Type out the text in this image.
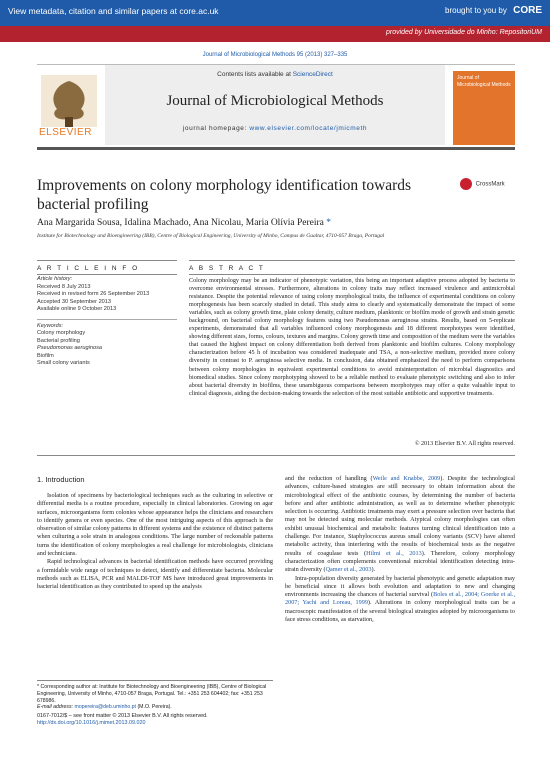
View metadata, citation and similar papers at core.ac.uk	brought to you by CORE
provided by Universidade do Minho: RepositoriUM
Journal of Microbiological Methods 95 (2013) 327–335
ELSEVIER
Contents lists available at ScienceDirect
Journal of Microbiological Methods
journal homepage: www.elsevier.com/locate/jmicmeth
Journal of Microbiological Methods
Improvements on colony morphology identification towards bacterial profiling
CrossMark
Ana Margarida Sousa, Idalina Machado, Ana Nicolau, Maria Olívia Pereira *
Institute for Biotechnology and Bioengineering (IBB), Centre of Biological Engineering, University of Minho, Campus de Gualtar, 4710-057 Braga, Portugal
A R T I C L E I N F O	A B S T R A C T
Article history:
Received 8 July 2013
Received in revised form 26 September 2013
Accepted 30 September 2013
Available online 9 October 2013
Keywords:
Colony morphology
Bacterial profiling
Pseudomonas aeruginosa
Biofilm
Small colony variants
Colony morphology may be an indicator of phenotypic variation, this being an important adaptive process adopted by bacteria to overcome environmental stresses. Furthermore, alterations in colony traits may reflect increased virulence and antimicrobial resistance. Despite the potential relevance of using colony morphological traits, the influence of experimental conditions on colony morphogenesis has been scarcely studied in detail. This study aims to clearly and systematically demonstrate the impact of some variables, such as colony growth time, plate colony density, culture medium, planktonic or biofilm mode of growth and strain genetic background, on bacterial colony morphology features using two Pseudomonas aeruginosa strains. Results, based on 5-replicate experiments, demonstrated that all variables influenced colony morphogenesis and 18 different morphotypes were identified, showing different sizes, forms, colours, textures and margins. Colony growth time and composition of the medium were the variables that caused the highest impact on colony differentiation both derived from planktonic and biofilm cultures. Colony morphology characterization before 45 h of incubation was considered inadequate and TSA, a non-selective medium, provided more colony diversity in contrast to P. aeruginosa selective media. In conclusion, data obtained emphasized the need to perform comparisons between colony morphologies in equivalent experimental conditions to avoid misinterpretation of microbial diagnostics and biomedical studies. Since colony morphotyping showed to be a reliable method to evaluate phenotypic switching and also to infer about bacterial diversity in biofilms, these unambiguous comparisons between morphotypes may offer a quite valuable input to clinical diagnosis, aiding the decision-making towards the selection of the most suitable antibiotic and supportive treatments.
© 2013 Elsevier B.V. All rights reserved.
1. Introduction

Isolation of specimens by bacteriological techniques such as the culturing in selective or differential media is a routine procedure, especially in clinical laboratories. Growing on agar surfaces, microorganisms form colonies whose appearance helps the clinicians and researchers to identify genera or even species. One of the most intriguing aspects of this approach is the observation of similar colony patterns in different systems and the existence of distinct patterns when culturing a sole strain in analogous conditions. The large number of reckonable patterns turns the identification of colony morphologies a real challenge for microbiologists, clinicians and technicians.

Rapid technological advances in bacterial identification methods have occurred providing a formidable wide range of techniques to detect, identify and differentiate bacteria. Molecular methods such as ELISA, PCR and MALDI-TOF MS have introduced great improvements in bacterial identification as they contributed to speed up the analysis

and the reduction of handling (Weile and Knabbe, 2009). Despite the technological advances, culture-based strategies are still necessary to obtain information about the microbiological effect of the antibiotic courses, by determining the number of bacteria before and after antibiotic administration, as well as to determine whether phenotypic selection is occurring. Antibiotic treatments may exert a pressure selection over bacteria that may not be detected using molecular methods. Atypical colony morphologies can often exhibit unusual biochemical and metabolic features turning clinical identification into a challenge. For instance, Staphylococcus aureus small colony variants (SCV) have altered metabolic activity, thus interfering with the results of biochemical tests as the negative results of coagulase tests (Hilmi et al., 2013). Therefore, colony morphology characterization often complements conventional microbial identification detecting intra-strain diversity (Qamer et al., 2003).

Intra-population diversity generated by bacterial phenotypic and genetic adaptation may be beneficial since it allows both evolution and adaptation to new and changing environments increasing the chances of bacterial survival (Boles et al., 2004; Goerke et al., 2007; Yachi and Loreau, 1999). Alterations in colony morphological traits can be a macroscopic manifestation of the several biological strategies adopted by microorganisms to face stress conditions, as starvation,

* Corresponding author at: Institute for Biotechnology and Bioengineering (IBB), Centre of Biological Engineering, University of Minho, 4710-057 Braga, Portugal. Tel.: +351 253 604402; fax: +351 253 678986.
E-mail address: mopereira@deb.uminho.pt (M.O. Pereira).
0167-7012/$ – see front matter © 2013 Elsevier B.V. All rights reserved.
http://dx.doi.org/10.1016/j.mimet.2013.09.020
